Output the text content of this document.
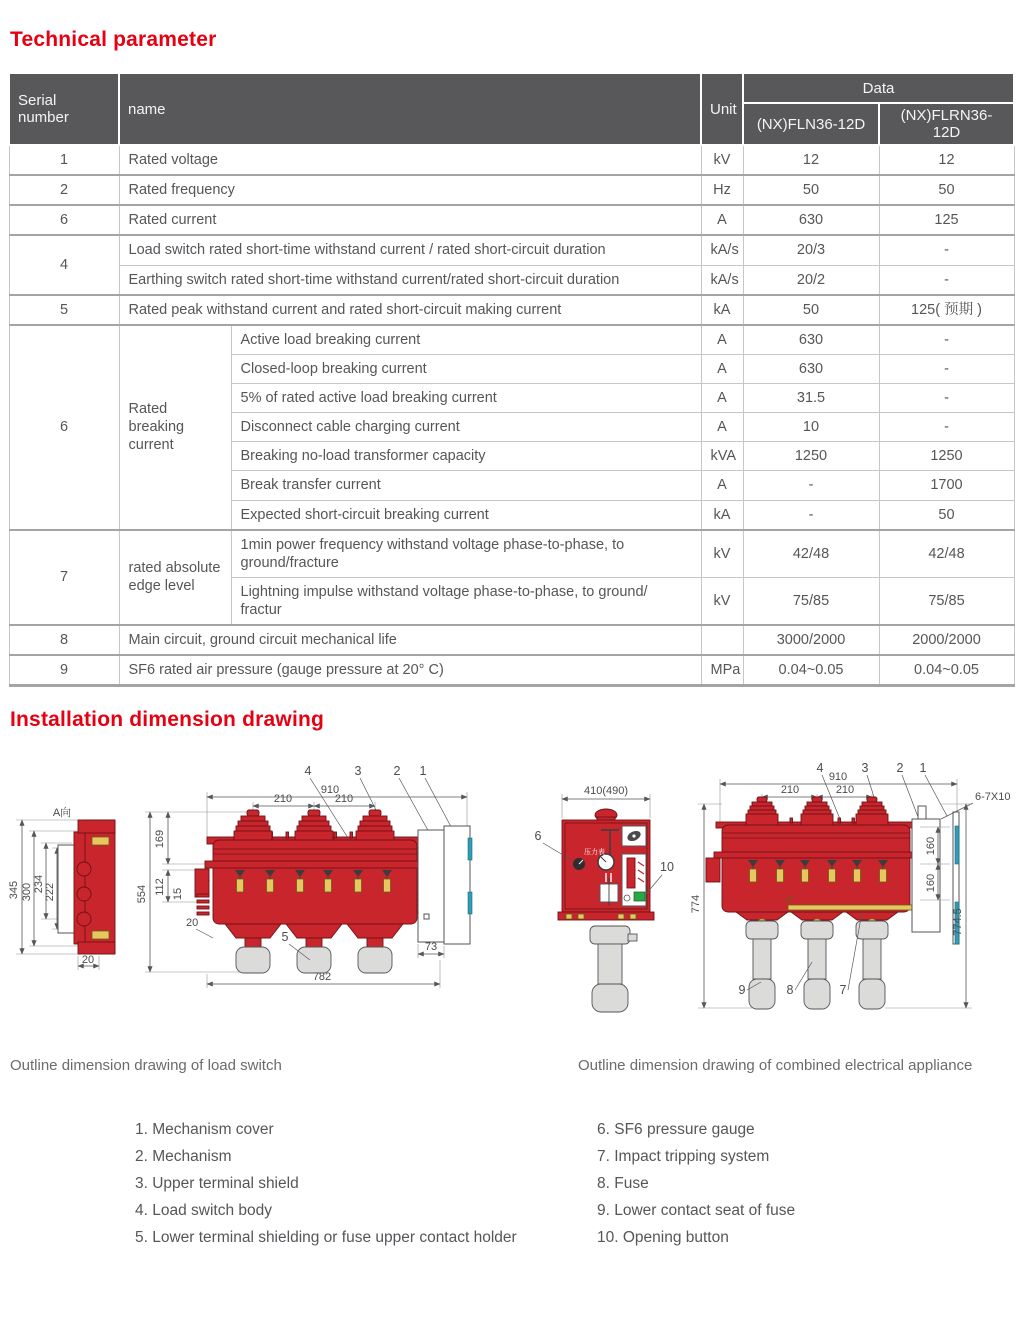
Technical parameter
Serial number	name		Unit	Data	
				(NX)FLN36-12D	(NX)FLRN36-12D
1	Rated voltage		kV	12	12
2	Rated frequency		Hz	50	50
6	Rated current		A	630	125
4	Load switch rated short-time withstand current / rated short-circuit duration		kA/s	20/3	-
	Earthing switch rated short-time withstand current/rated short-circuit duration		kA/s	20/2	-
5	Rated peak withstand current and rated short-circuit making current		kA	50	125( 预期 )
6	Rated breaking current	Active load breaking current	A	630	-
		Closed-loop breaking current	A	630	-
		5% of rated active load breaking current	A	31.5	-
		Disconnect cable charging current	A	10	-
		Breaking no-load transformer capacity	kVA	1250	1250
		Break transfer current	A	-	1700
		Expected short-circuit breaking current	kA	-	50
7	rated absolute edge level	1min power frequency withstand voltage phase-to-phase, to ground/fracture	kV	42/48	42/48
		Lightning impulse withstand voltage phase-to-phase, to ground/ fractur	kV	75/85	75/85
8	Main circuit, ground circuit mechanical life			3000/2000	2000/2000
9	SF6 rated air pressure (gauge pressure at 20° C)		MPa	0.04~0.05	0.04~0.05
Installation dimension drawing
A向
345 300 234 222
20
4	3	2 1
910
210	210
554
169
112 15
20
5
73
782
410(490)
压力表
6
10
774
4	3 2 1
910
210	210
6-7X10
160
160
774.5
9	8	7
Outline dimension drawing of load switch	Outline dimension drawing of combined electrical appliance
1. Mechanism cover
2. Mechanism
3. Upper terminal shield
4. Load switch body
5. Lower terminal shielding or fuse upper contact holder
6. SF6 pressure gauge
7. Impact tripping system
8. Fuse
9. Lower contact seat of fuse
10. Opening button
